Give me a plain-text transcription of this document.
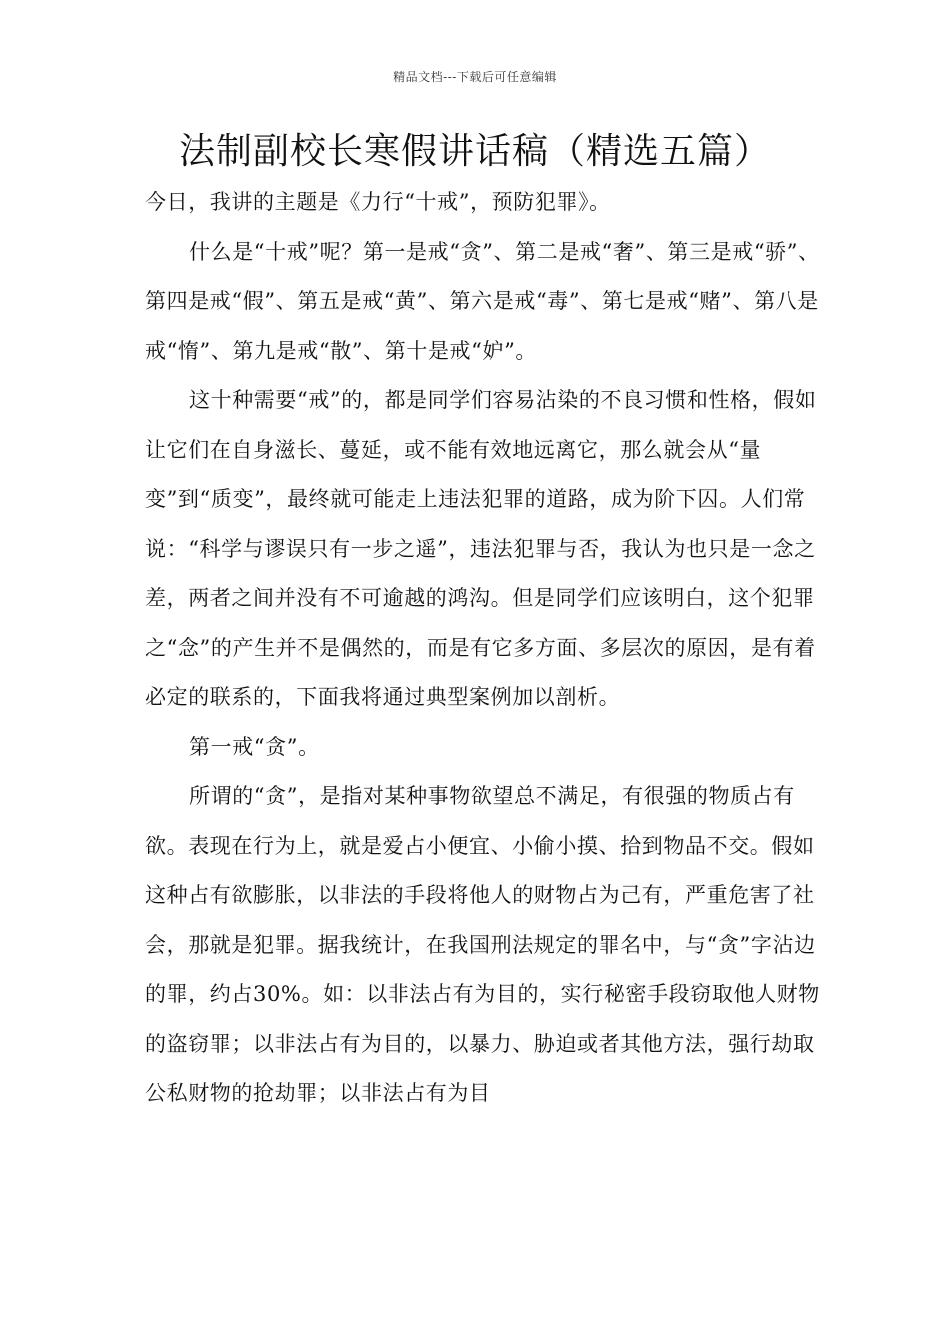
精品文档---下载后可任意编辑
法制副校长寒假讲话稿（精选五篇）

今日，我讲的主题是《力行“十戒”，预防犯罪》。

什么是“十戒”呢？第一是戒“贪”、第二是戒“奢”、第三是戒“骄”、第四是戒“假”、第五是戒“黄”、第六是戒“毒”、第七是戒“赌”、第八是戒“惰”、第九是戒“散”、第十是戒“妒”。

这十种需要“戒”的，都是同学们容易沾染的不良习惯和性格，假如让它们在自身滋长、蔓延，或不能有效地远离它，那么就会从“量变”到“质变”，最终就可能走上违法犯罪的道路，成为阶下囚。人们常说：“科学与谬误只有一步之遥”，违法犯罪与否，我认为也只是一念之差，两者之间并没有不可逾越的鸿沟。但是同学们应该明白，这个犯罪之“念”的产生并不是偶然的，而是有它多方面、多层次的原因，是有着必定的联系的，下面我将通过典型案例加以剖析。

第一戒“贪”。

所谓的“贪”，是指对某种事物欲望总不满足，有很强的物质占有欲。表现在行为上，就是爱占小便宜、小偷小摸、拾到物品不交。假如这种占有欲膨胀，以非法的手段将他人的财物占为己有，严重危害了社会，那就是犯罪。据我统计，在我国刑法规定的罪名中，与“贪”字沾边的罪，约占30%。如：以非法占有为目的，实行秘密手段窃取他人财物的盗窃罪；以非法占有为目的，以暴力、胁迫或者其他方法，强行劫取公私财物的抢劫罪；以非法占有为目
